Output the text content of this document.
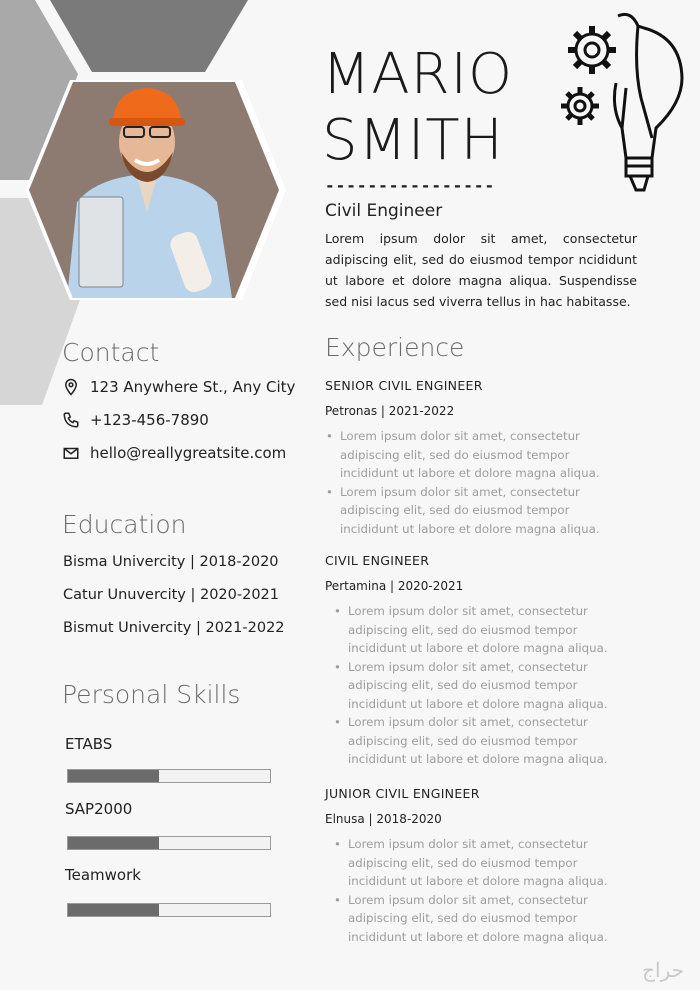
MARIO
SMITH
----------------
Civil Engineer
Lorem ipsum dolor sit amet, consectetur adipiscing elit, sed do eiusmod tempor ncididunt ut labore et dolore magna aliqua. Suspendisse sed nisi lacus sed viverra tellus in hac habitasse.
Contact
123 Anywhere St., Any City
+123-456-7890
hello@reallygreatsite.com
Education
Bisma Univercity | 2018-2020
Catur Unuvercity | 2020-2021
Bismut Univercity | 2021-2022
Personal Skills
ETABS
SAP2000
Teamwork
Experience
SENIOR CIVIL ENGINEER
Petronas | 2021-2022
• Lorem ipsum dolor sit amet, consectetur adipiscing elit, sed do eiusmod tempor incididunt ut labore et dolore magna aliqua.
• Lorem ipsum dolor sit amet, consectetur adipiscing elit, sed do eiusmod tempor incididunt ut labore et dolore magna aliqua.
CIVIL ENGINEER
Pertamina | 2020-2021
• Lorem ipsum dolor sit amet, consectetur adipiscing elit, sed do eiusmod tempor incididunt ut labore et dolore magna aliqua.
• Lorem ipsum dolor sit amet, consectetur adipiscing elit, sed do eiusmod tempor incididunt ut labore et dolore magna aliqua.
• Lorem ipsum dolor sit amet, consectetur adipiscing elit, sed do eiusmod tempor incididunt ut labore et dolore magna aliqua.
JUNIOR CIVIL ENGINEER
Elnusa | 2018-2020
• Lorem ipsum dolor sit amet, consectetur adipiscing elit, sed do eiusmod tempor incididunt ut labore et dolore magna aliqua.
• Lorem ipsum dolor sit amet, consectetur adipiscing elit, sed do eiusmod tempor incididunt ut labore et dolore magna aliqua.
حراج
